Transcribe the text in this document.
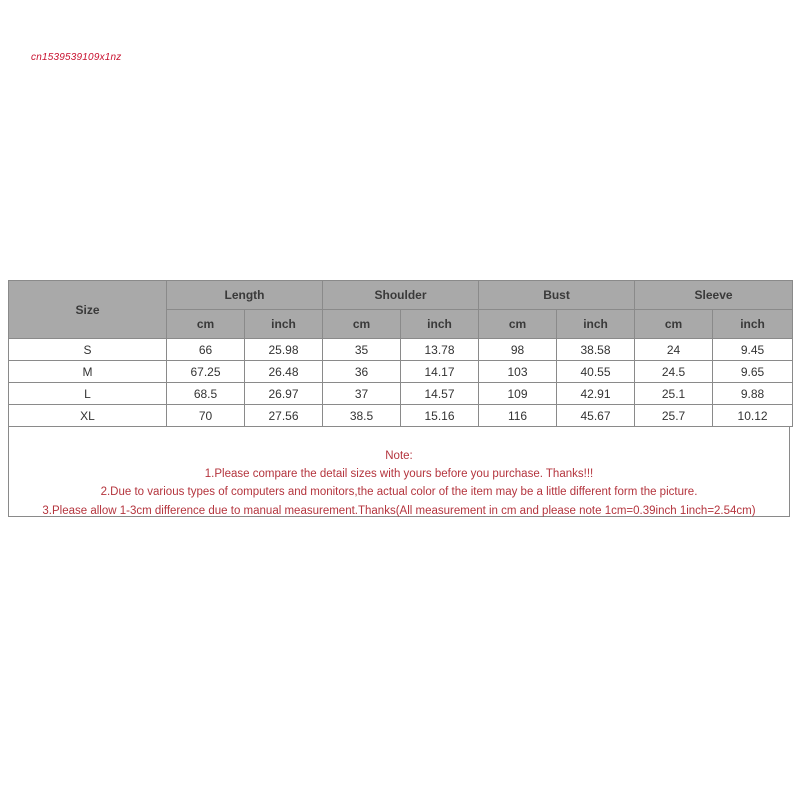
cn1539539109x1nz
Size	Length		Shoulder		Bust		Sleeve	
	cm	inch	cm	inch	cm	inch	cm	inch
S	66	25.98	35	13.78	98	38.58	24	9.45
M	67.25	26.48	36	14.17	103	40.55	24.5	9.65
L	68.5	26.97	37	14.57	109	42.91	25.1	9.88
XL	70	27.56	38.5	15.16	116	45.67	25.7	10.12
Note:
1.Please compare the detail sizes with yours before you purchase. Thanks!!!
2.Due to various types of computers and monitors,the actual color of the item may be a little different form the picture.
3.Please allow 1-3cm difference due to manual measurement.Thanks(All measurement in cm and please note 1cm=0.39inch 1inch=2.54cm)
